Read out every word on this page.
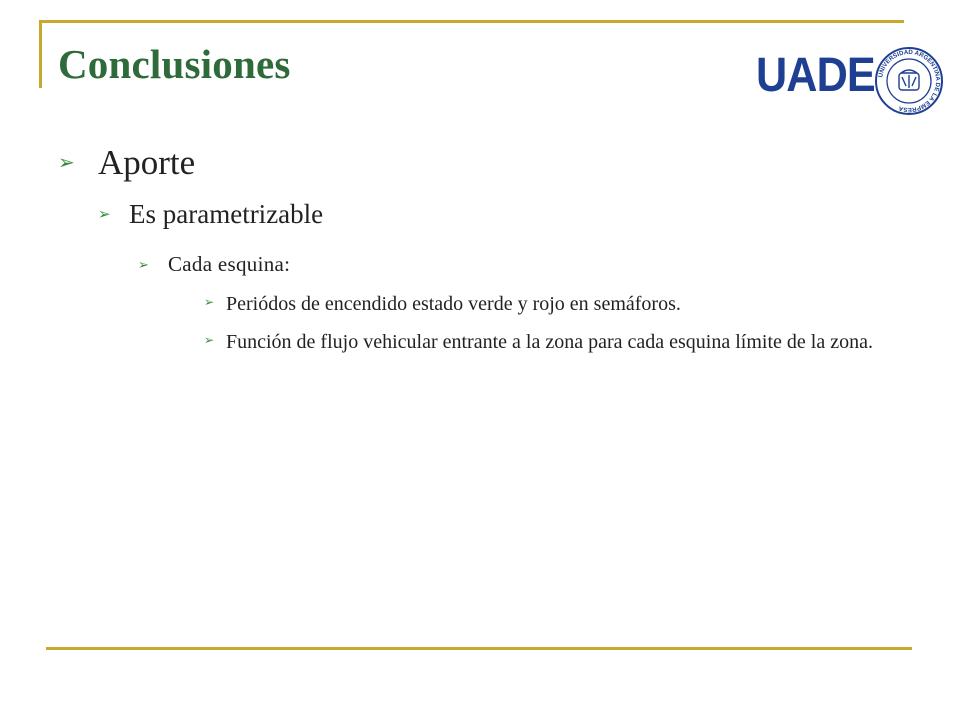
Conclusiones	UADE UNIVERSIDAD ARGENTINA DE LA EMPRESA
➢ Aporte
➢ Es parametrizable
➢ Cada esquina:
➢ Periódos de encendido estado verde y rojo en semáforos.
➢ Función de flujo vehicular entrante a la zona para cada esquina límite de la zona.
